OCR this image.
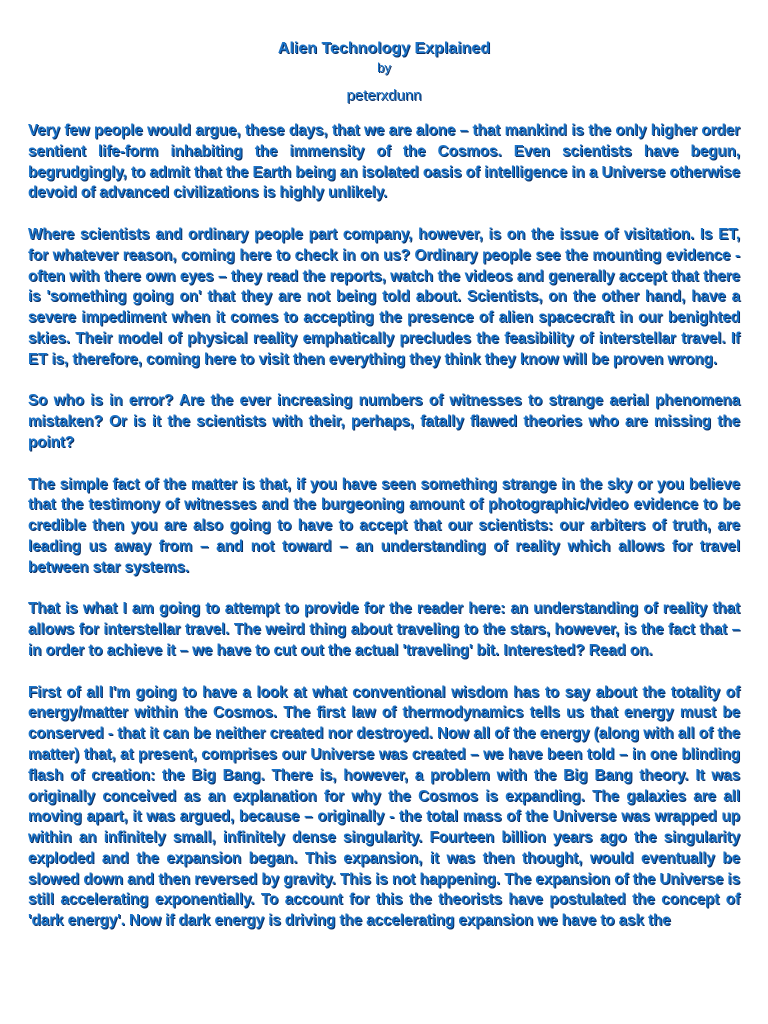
Alien Technology Explained

by

peterxdunn

Very few people would argue, these days, that we are alone – that mankind is the only higher order sentient life-form inhabiting the immensity of the Cosmos. Even scientists have begun, begrudgingly, to admit that the Earth being an isolated oasis of intelligence in a Universe otherwise devoid of advanced civilizations is highly unlikely.

Where scientists and ordinary people part company, however, is on the issue of visitation. Is ET, for whatever reason, coming here to check in on us? Ordinary people see the mounting evidence - often with there own eyes – they read the reports, watch the videos and generally accept that there is 'something going on' that they are not being told about. Scientists, on the other hand, have a severe impediment when it comes to accepting the presence of alien spacecraft in our benighted skies. Their model of physical reality emphatically precludes the feasibility of interstellar travel. If ET is, therefore, coming here to visit then everything they think they know will be proven wrong.

So who is in error? Are the ever increasing numbers of witnesses to strange aerial phenomena mistaken? Or is it the scientists with their, perhaps, fatally flawed theories who are missing the point?

The simple fact of the matter is that, if you have seen something strange in the sky or you believe that the testimony of witnesses and the burgeoning amount of photographic/video evidence to be credible then you are also going to have to accept that our scientists: our arbiters of truth, are leading us away from – and not toward – an understanding of reality which allows for travel between star systems.

That is what I am going to attempt to provide for the reader here: an understanding of reality that allows for interstellar travel. The weird thing about traveling to the stars, however, is the fact that – in order to achieve it – we have to cut out the actual 'traveling' bit. Interested? Read on.

First of all I'm going to have a look at what conventional wisdom has to say about the totality of energy/matter within the Cosmos. The first law of thermodynamics tells us that energy must be conserved - that it can be neither created nor destroyed. Now all of the energy (along with all of the matter) that, at present, comprises our Universe was created – we have been told – in one blinding flash of creation: the Big Bang. There is, however, a problem with the Big Bang theory. It was originally conceived as an explanation for why the Cosmos is expanding. The galaxies are all moving apart, it was argued, because – originally - the total mass of the Universe was wrapped up within an infinitely small, infinitely dense singularity. Fourteen billion years ago the singularity exploded and the expansion began. This expansion, it was then thought, would eventually be slowed down and then reversed by gravity. This is not happening. The expansion of the Universe is still accelerating exponentially. To account for this the theorists have postulated the concept of 'dark energy'. Now if dark energy is driving the accelerating expansion we have to ask the
